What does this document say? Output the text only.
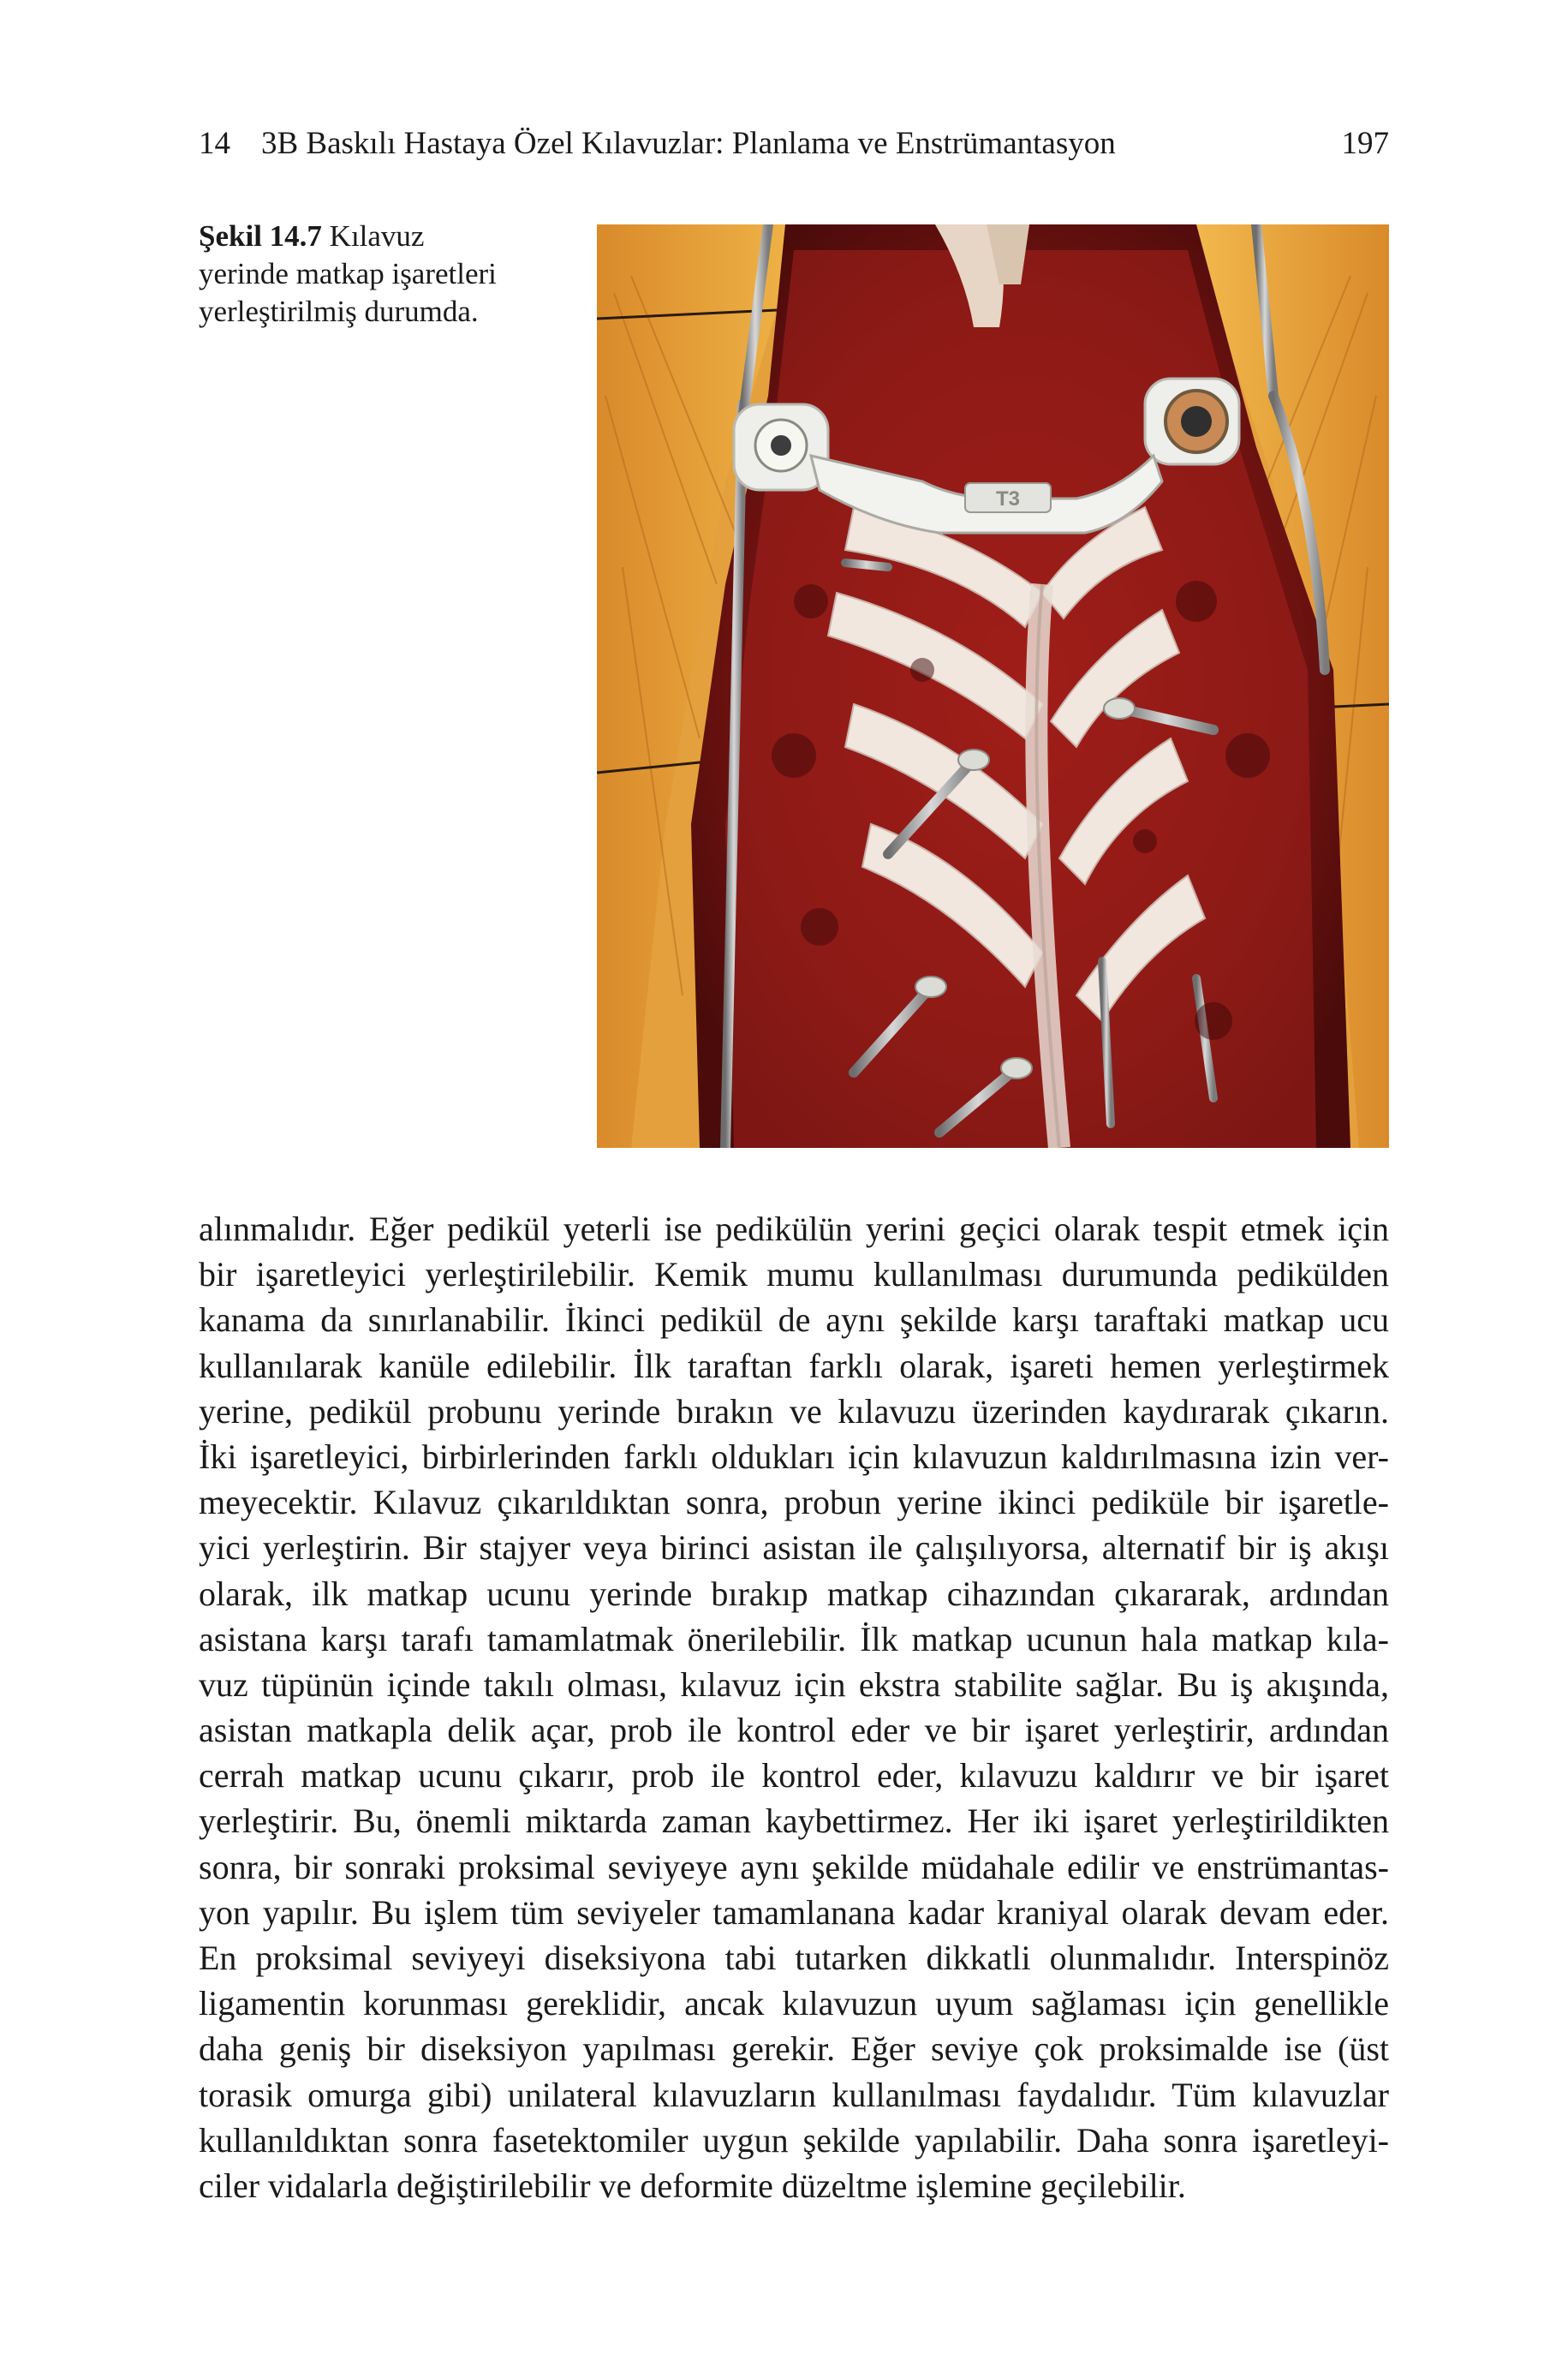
14 3B Baskılı Hastaya Özel Kılavuzlar: Planlama ve Enstrümantasyon	197
Şekil 14.7 Kılavuz
yerinde matkap işaretleri
yerleştirilmiş durumda.
T3
alınmalıdır. Eğer pedikül yeterli ise pedikülün yerini geçici olarak tespit etmek için
bir işaretleyici yerleştirilebilir. Kemik mumu kullanılması durumunda pedikülden
kanama da sınırlanabilir. İkinci pedikül de aynı şekilde karşı taraftaki matkap ucu
kullanılarak kanüle edilebilir. İlk taraftan farklı olarak, işareti hemen yerleştirmek
yerine, pedikül probunu yerinde bırakın ve kılavuzu üzerinden kaydırarak çıkarın.
İki işaretleyici, birbirlerinden farklı oldukları için kılavuzun kaldırılmasına izin ver-
meyecektir. Kılavuz çıkarıldıktan sonra, probun yerine ikinci pediküle bir işaretle-
yici yerleştirin. Bir stajyer veya birinci asistan ile çalışılıyorsa, alternatif bir iş akışı
olarak, ilk matkap ucunu yerinde bırakıp matkap cihazından çıkararak, ardından
asistana karşı tarafı tamamlatmak önerilebilir. İlk matkap ucunun hala matkap kıla-
vuz tüpünün içinde takılı olması, kılavuz için ekstra stabilite sağlar. Bu iş akışında,
asistan matkapla delik açar, prob ile kontrol eder ve bir işaret yerleştirir, ardından
cerrah matkap ucunu çıkarır, prob ile kontrol eder, kılavuzu kaldırır ve bir işaret
yerleştirir. Bu, önemli miktarda zaman kaybettirmez. Her iki işaret yerleştirildikten
sonra, bir sonraki proksimal seviyeye aynı şekilde müdahale edilir ve enstrümantas-
yon yapılır. Bu işlem tüm seviyeler tamamlanana kadar kraniyal olarak devam eder.
En proksimal seviyeyi diseksiyona tabi tutarken dikkatli olunmalıdır. Interspinöz
ligamentin korunması gereklidir, ancak kılavuzun uyum sağlaması için genellikle
daha geniş bir diseksiyon yapılması gerekir. Eğer seviye çok proksimalde ise (üst
torasik omurga gibi) unilateral kılavuzların kullanılması faydalıdır. Tüm kılavuzlar
kullanıldıktan sonra fasetektomiler uygun şekilde yapılabilir. Daha sonra işaretleyi-
ciler vidalarla değiştirilebilir ve deformite düzeltme işlemine geçilebilir.
